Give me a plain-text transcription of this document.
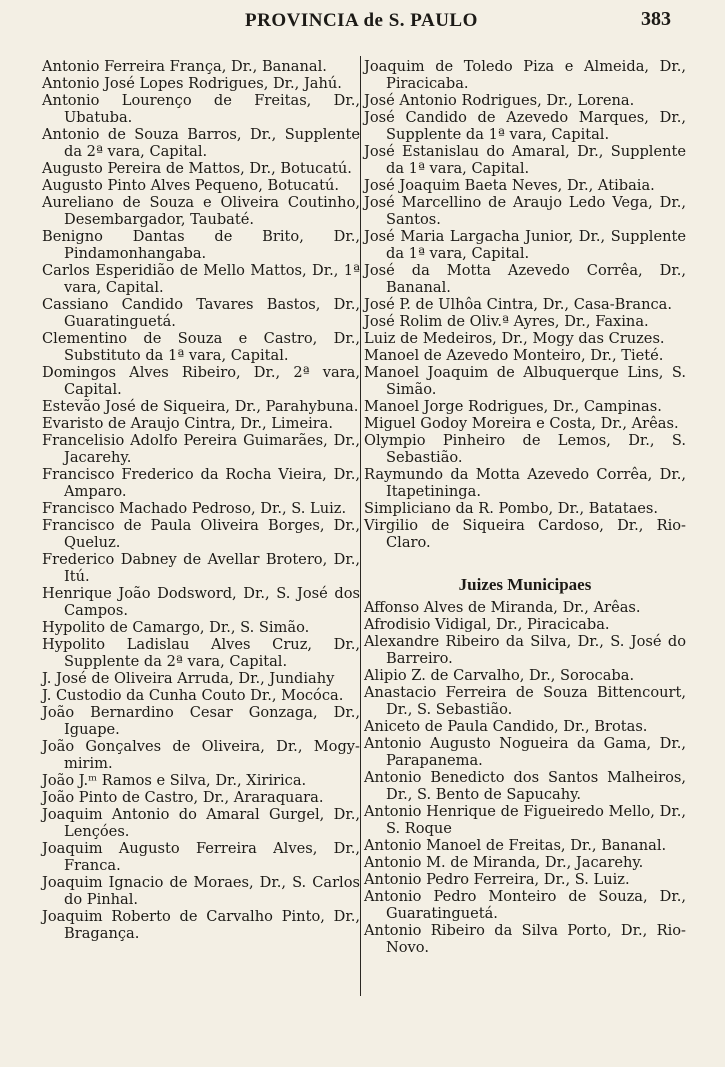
PROVINCIA de S. PAULO	383
Antonio Ferreira França, Dr., Bananal.
Antonio José Lopes Rodrigues, Dr., Jahú.
Antonio Lourenço de Freitas, Dr., Ubatuba.
Antonio de Souza Barros, Dr., Supplente da 2ª vara, Capital.
Augusto Pereira de Mattos, Dr., Botucatú.
Augusto Pinto Alves Pequeno, Botucatú.
Aureliano de Souza e Oliveira Coutinho, Desembargador, Taubaté.
Benigno Dantas de Brito, Dr., Pindamonhangaba.
Carlos Esperidião de Mello Mattos, Dr., 1ª vara, Capital.
Cassiano Candido Tavares Bastos, Dr., Guaratinguetá.
Clementino de Souza e Castro, Dr., Substituto da 1ª vara, Capital.
Domingos Alves Ribeiro, Dr., 2ª vara, Capital.
Estevão José de Siqueira, Dr., Parahybuna.
Evaristo de Araujo Cintra, Dr., Limeira.
Francelisio Adolfo Pereira Guimarães, Dr., Jacarehy.
Francisco Frederico da Rocha Vieira, Dr., Amparo.
Francisco Machado Pedroso, Dr., S. Luiz.
Francisco de Paula Oliveira Borges, Dr., Queluz.
Frederico Dabney de Avellar Brotero, Dr., Itú.
Henrique João Dodsword, Dr., S. José dos Campos.
Hypolito de Camargo, Dr., S. Simão.
Hypolito Ladislau Alves Cruz, Dr., Supplente da 2ª vara, Capital.
J. José de Oliveira Arruda, Dr., Jundiahy
J. Custodio da Cunha Couto Dr., Mocóca.
João Bernardino Cesar Gonzaga, Dr., Iguape.
João Gonçalves de Oliveira, Dr., Mogy-mirim.
João J.ᵐ Ramos e Silva, Dr., Xiririca.
João Pinto de Castro, Dr., Araraquara.
Joaquim Antonio do Amaral Gurgel, Dr., Lençóes.
Joaquim Augusto Ferreira Alves, Dr., Franca.
Joaquim Ignacio de Moraes, Dr., S. Carlos do Pinhal.
Joaquim Roberto de Carvalho Pinto, Dr., Bragança.
Joaquim de Toledo Piza e Almeida, Dr., Piracicaba.
José Antonio Rodrigues, Dr., Lorena.
José Candido de Azevedo Marques, Dr., Supplente da 1ª vara, Capital.
José Estanislau do Amaral, Dr., Supplente da 1ª vara, Capital.
José Joaquim Baeta Neves, Dr., Atibaia.
José Marcellino de Araujo Ledo Vega, Dr., Santos.
José Maria Largacha Junior, Dr., Supplente da 1ª vara, Capital.
José da Motta Azevedo Corrêa, Dr., Bananal.
José P. de Ulhôa Cintra, Dr., Casa-Branca.
José Rolim de Oliv.ª Ayres, Dr., Faxina.
Luiz de Medeiros, Dr., Mogy das Cruzes.
Manoel de Azevedo Monteiro, Dr., Tieté.
Manoel Joaquim de Albuquerque Lins, S. Simão.
Manoel Jorge Rodrigues, Dr., Campinas.
Miguel Godoy Moreira e Costa, Dr., Arêas.
Olympio Pinheiro de Lemos, Dr., S. Sebastião.
Raymundo da Motta Azevedo Corrêa, Dr., Itapetininga.
Simpliciano da R. Pombo, Dr., Batataes.
Virgilio de Siqueira Cardoso, Dr., Rio-Claro.
Juizes Municipaes
Affonso Alves de Miranda, Dr., Arêas.
Afrodisio Vidigal, Dr., Piracicaba.
Alexandre Ribeiro da Silva, Dr., S. José do Barreiro.
Alipio Z. de Carvalho, Dr., Sorocaba.
Anastacio Ferreira de Souza Bittencourt, Dr., S. Sebastião.
Aniceto de Paula Candido, Dr., Brotas.
Antonio Augusto Nogueira da Gama, Dr., Parapanema.
Antonio Benedicto dos Santos Malheiros, Dr., S. Bento de Sapucahy.
Antonio Henrique de Figueiredo Mello, Dr., S. Roque
Antonio Manoel de Freitas, Dr., Bananal.
Antonio M. de Miranda, Dr., Jacarehy.
Antonio Pedro Ferreira, Dr., S. Luiz.
Antonio Pedro Monteiro de Souza, Dr., Guaratinguetá.
Antonio Ribeiro da Silva Porto, Dr., Rio-Novo.
